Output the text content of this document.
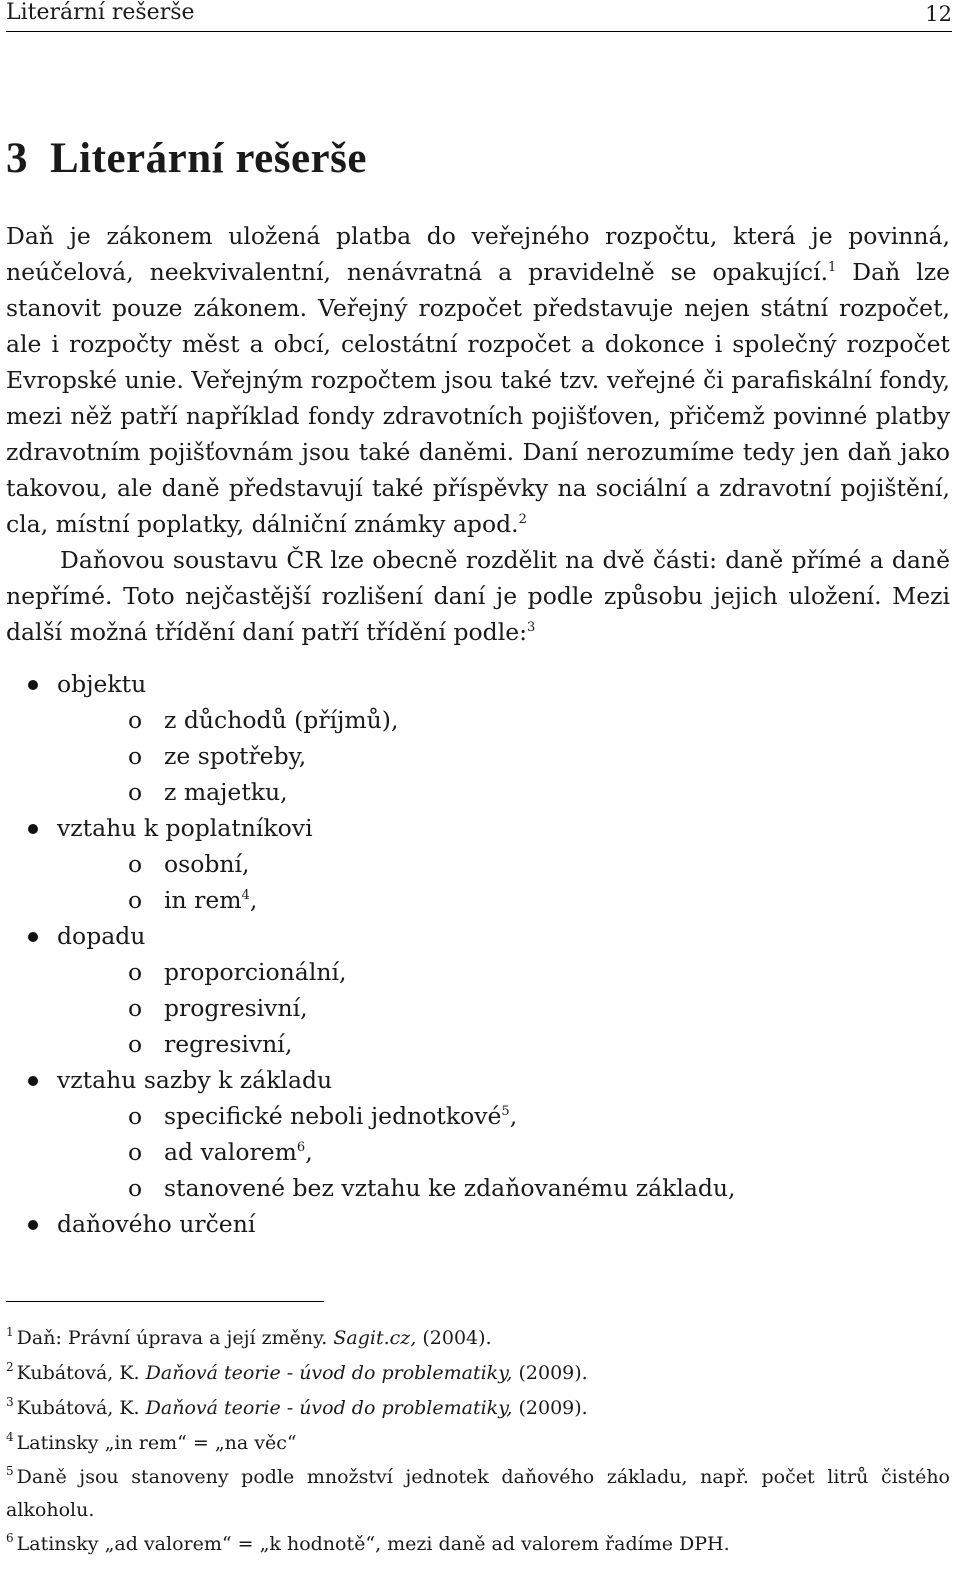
Literární rešerše	12
3 Literární rešerše

Daň je zákonem uložená platba do veřejného rozpočtu, která je povinná, neúčelová, neekvivalentní, nenávratná a pravidelně se opakující.$^1$ Daň lze stanovit pouze zákonem. Veřejný rozpočet představuje nejen státní rozpočet, ale i rozpočty měst a obcí, celostátní rozpočet a dokonce i společný rozpočet Evropské unie. Veřejným rozpočtem jsou také tzv. veřejné či parafiskální fondy, mezi něž patří například fondy zdravotních pojišťoven, přičemž povinné platby zdravotním pojišťovnám jsou také daněmi. Daní nerozumíme tedy jen daň jako takovou, ale daně představují také příspěvky na sociální a zdravotní pojištění, cla, místní poplatky, dálniční známky apod.$^2$

Daňovou soustavu ČR lze obecně rozdělit na dvě části: daně přímé a daně nepřímé. Toto nejčastější rozlišení daní je podle způsobu jejich uložení. Mezi další možná třídění daní patří třídění podle:$^3$

objektu
o z důchodů (příjmů),
o ze spotřeby,
o z majetku,
vztahu k poplatníkovi
o osobní,
o in rem$^4$,
dopadu
o proporcionální,
o progresivní,
o regresivní,
vztahu sazby k základu
o specifické neboli jednotkové$^5$,
o ad valorem$^6$,
o stanovené bez vztahu ke zdaňovanému základu,
daňového určení
$^1$ Daň: Právní úprava a její změny. Sagit.cz, (2004).
$^2$ Kubátová, K. Daňová teorie - úvod do problematiky, (2009).
$^3$ Kubátová, K. Daňová teorie - úvod do problematiky, (2009).
$^4$ Latinsky „in rem“ = „na věc“
$^5$ Daně jsou stanoveny podle množství jednotek daňového základu, např. počet litrů čistého alkoholu.
$^6$ Latinsky „ad valorem“ = „k hodnotě“, mezi daně ad valorem řadíme DPH.
